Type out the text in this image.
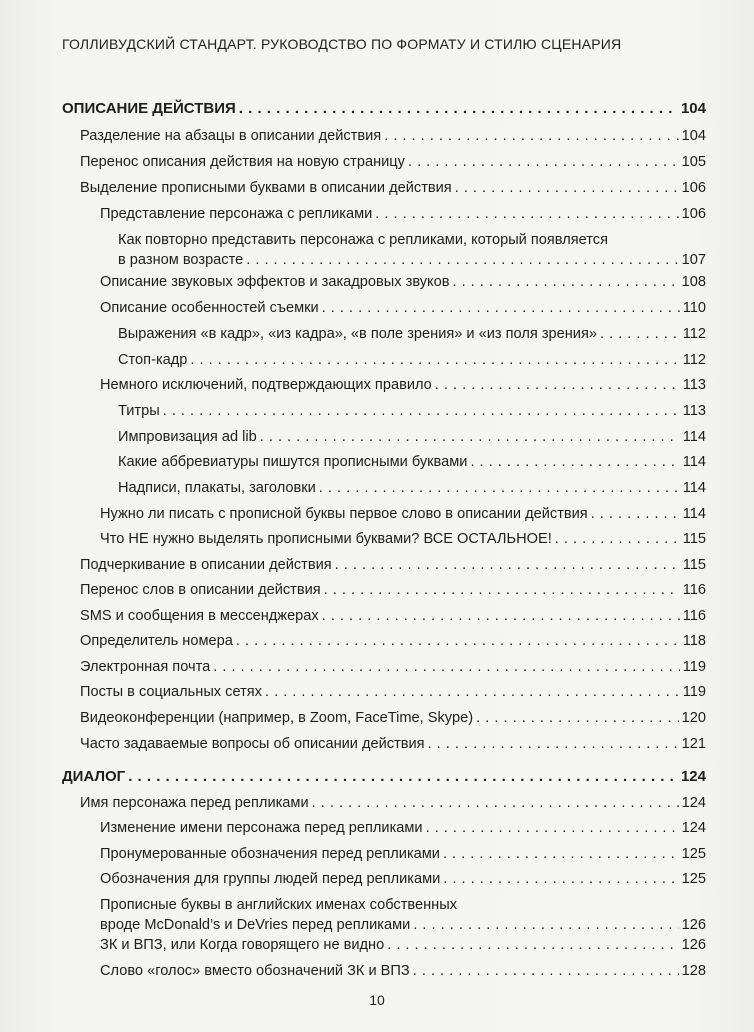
ГОЛЛИВУДСКИЙ СТАНДАРТ. РУКОВОДСТВО ПО ФОРМАТУ И СТИЛЮ СЦЕНАРИЯ
ОПИСАНИЕ ДЕЙСТВИЯ . . .	104
Разделение на абзацы в описании действия . . .	104
Перенос описания действия на новую страницу . . .	105
Выделение прописными буквами в описании действия . . .	106
Представление персонажа с репликами . . .	106
Как повторно представить персонажа с репликами, который появляется
в разном возрасте . . .	107
Описание звуковых эффектов и закадровых звуков . . .	108
Описание особенностей съемки . . .	110
Выражения «в кадр», «из кадра», «в поле зрения» и «из поля зрения» . . .	112
Стоп-кадр . . .	112
Немного исключений, подтверждающих правило . . .	113
Титры . . .	113
Импровизация ad lib . . .	114
Какие аббревиатуры пишутся прописными буквами . . .	114
Надписи, плакаты, заголовки . . .	114
Нужно ли писать с прописной буквы первое слово в описании действия . . .	114
Что НЕ нужно выделять прописными буквами? ВСЕ ОСТАЛЬНОЕ! . . .	115
Подчеркивание в описании действия . . .	115
Перенос слов в описании действия . . .	116
SMS и сообщения в мессенджерах . . .	116
Определитель номера . . .	118
Электронная почта . . .	119
Посты в социальных сетях . . .	119
Видеоконференции (например, в Zoom, FaceTime, Skype) . . .	120
Часто задаваемые вопросы об описании действия . . .	121
ДИАЛОГ . . .	124
Имя персонажа перед репликами . . .	124
Изменение имени персонажа перед репликами . . .	124
Пронумерованные обозначения перед репликами . . .	125
Обозначения для группы людей перед репликами . . .	125
Прописные буквы в английских именах собственных
вроде McDonald’s и DeVries перед репликами . . .	126
ЗК и ВПЗ, или Когда говорящего не видно . . .	126
Слово «голос» вместо обозначений ЗК и ВПЗ . . .	128
10
